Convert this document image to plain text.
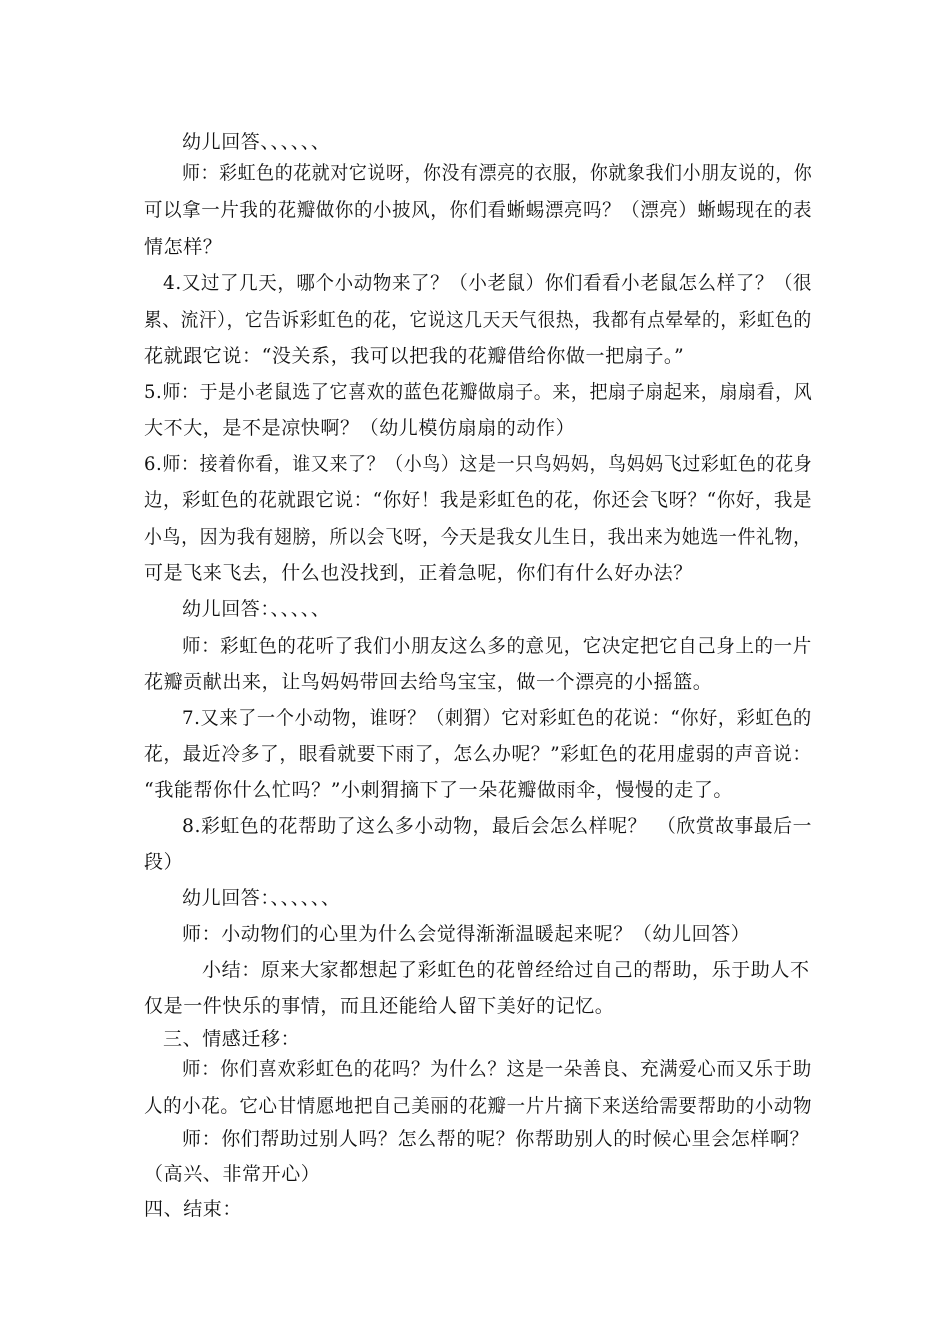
幼儿回答、、、、、、

师：彩虹色的花就对它说呀，你没有漂亮的衣服，你就象我们小朋友说的，你

可以拿一片我的花瓣做你的小披风，你们看蜥蜴漂亮吗？（漂亮）蜥蜴现在的表

情怎样？

4.又过了几天，哪个小动物来了？（小老鼠）你们看看小老鼠怎么样了？（很

累、流汗），它告诉彩虹色的花，它说这几天天气很热，我都有点晕晕的，彩虹色的

花就跟它说：“没关系，我可以把我的花瓣借给你做一把扇子。”

5.师：于是小老鼠选了它喜欢的蓝色花瓣做扇子。来，把扇子扇起来，扇扇看，风

大不大，是不是凉快啊？（幼儿模仿扇扇的动作）

6.师：接着你看，谁又来了？（小鸟）这是一只鸟妈妈，鸟妈妈飞过彩虹色的花身

边，彩虹色的花就跟它说：“你好！我是彩虹色的花，你还会飞呀？“你好，我是

小鸟，因为我有翅膀，所以会飞呀，今天是我女儿生日，我出来为她选一件礼物，

可是飞来飞去，什么也没找到，正着急呢，你们有什么好办法？

幼儿回答：、、、、、

师：彩虹色的花听了我们小朋友这么多的意见，它决定把它自己身上的一片

花瓣贡献出来，让鸟妈妈带回去给鸟宝宝，做一个漂亮的小摇篮。

7.又来了一个小动物，谁呀？（刺猬）它对彩虹色的花说：“你好，彩虹色的

花，最近冷多了，眼看就要下雨了，怎么办呢？”彩虹色的花用虚弱的声音说：

“我能帮你什么忙吗？”小刺猬摘下了一朵花瓣做雨伞，慢慢的走了。

8.彩虹色的花帮助了这么多小动物，最后会怎么样呢？　（欣赏故事最后一

段）

幼儿回答：、、、、、、

师：小动物们的心里为什么会觉得渐渐温暖起来呢？（幼儿回答）

小结：原来大家都想起了彩虹色的花曾经给过自己的帮助，乐于助人不

仅是一件快乐的事情，而且还能给人留下美好的记忆。

三、情感迁移：

师：你们喜欢彩虹色的花吗？为什么？这是一朵善良、充满爱心而又乐于助

人的小花。它心甘情愿地把自己美丽的花瓣一片片摘下来送给需要帮助的小动物

师：你们帮助过别人吗？怎么帮的呢？你帮助别人的时候心里会怎样啊？

（高兴、非常开心）

四、结束：
